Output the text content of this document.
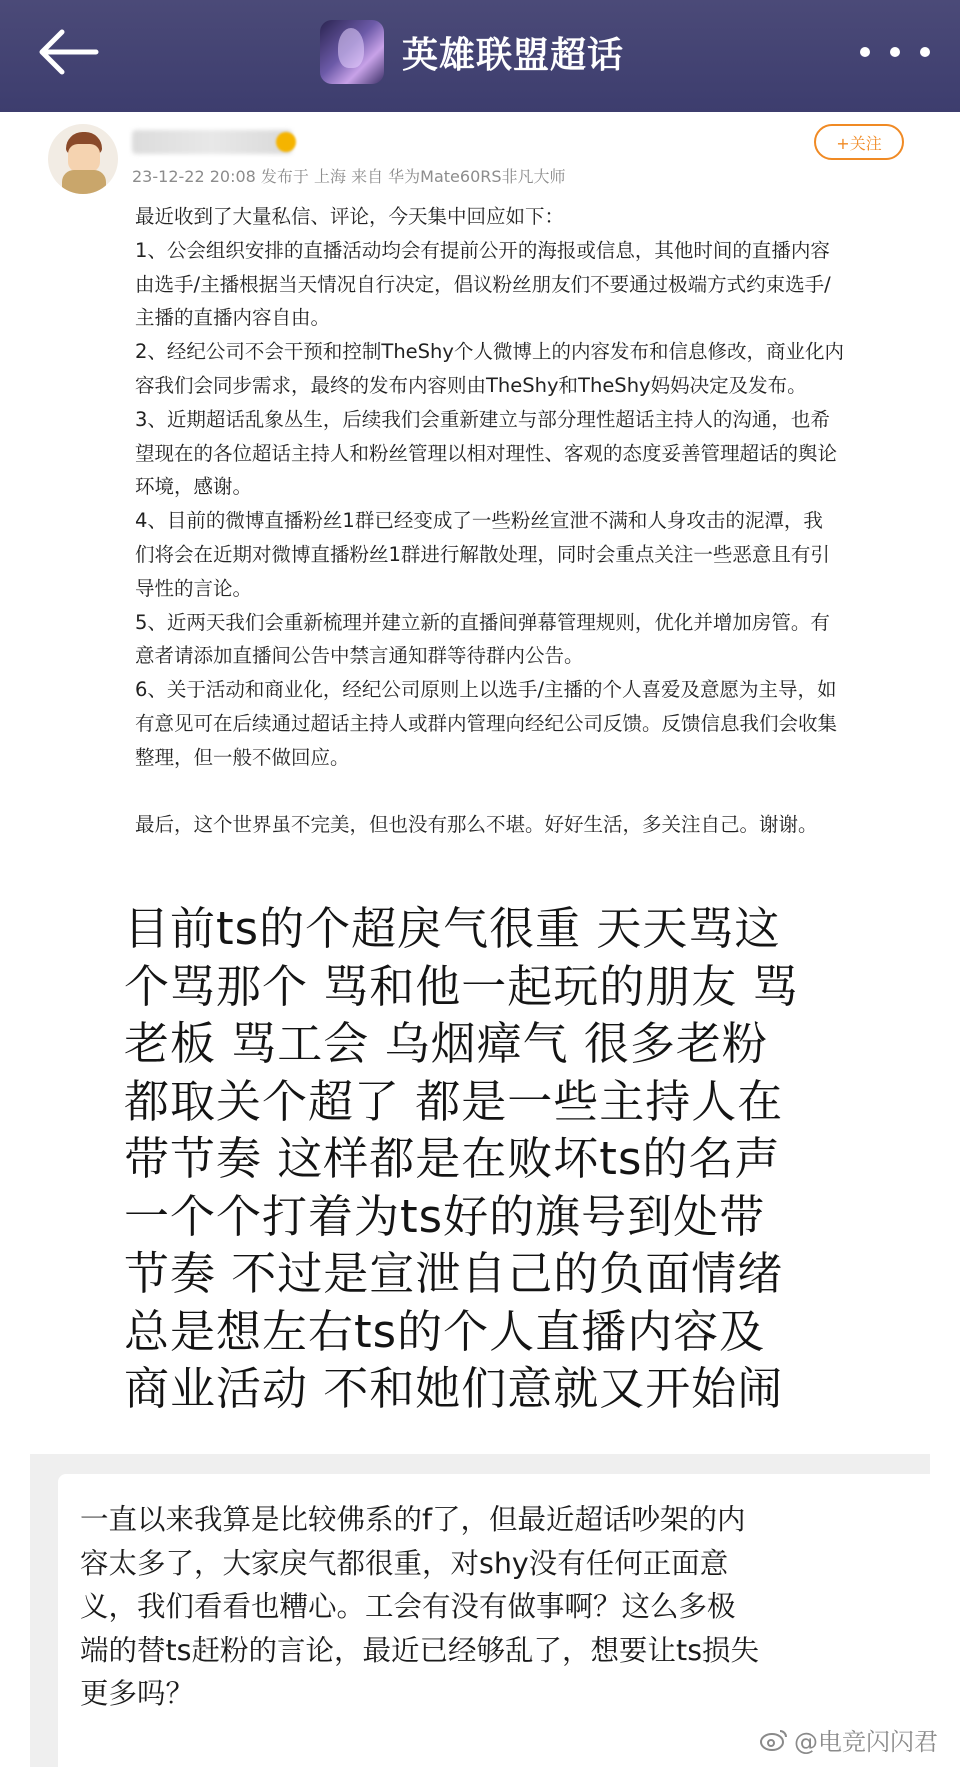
英雄联盟超话
23-12-22 20:08 发布于 上海 来自 华为Mate60RS非凡大师
+关注

最近收到了大量私信、评论，今天集中回应如下：

1、公会组织安排的直播活动均会有提前公开的海报或信息，其他时间的直播内容

由选手/主播根据当天情况自行决定，倡议粉丝朋友们不要通过极端方式约束选手/

主播的直播内容自由。

2、经纪公司不会干预和控制TheShy个人微博上的内容发布和信息修改，商业化内

容我们会同步需求，最终的发布内容则由TheShy和TheShy妈妈决定及发布。

3、近期超话乱象丛生，后续我们会重新建立与部分理性超话主持人的沟通，也希

望现在的各位超话主持人和粉丝管理以相对理性、客观的态度妥善管理超话的舆论

环境，感谢。

4、目前的微博直播粉丝1群已经变成了一些粉丝宣泄不满和人身攻击的泥潭，我

们将会在近期对微博直播粉丝1群进行解散处理，同时会重点关注一些恶意且有引

导性的言论。

5、近两天我们会重新梳理并建立新的直播间弹幕管理规则，优化并增加房管。有

意者请添加直播间公告中禁言通知群等待群内公告。

6、关于活动和商业化，经纪公司原则上以选手/主播的个人喜爱及意愿为主导，如

有意见可在后续通过超话主持人或群内管理向经纪公司反馈。反馈信息我们会收集

整理，但一般不做回应。

最后，这个世界虽不完美，但也没有那么不堪。好好生活，多关注自己。谢谢。

目前ts的个超戾气很重 天天骂这
个骂那个 骂和他一起玩的朋友 骂
老板 骂工会 乌烟瘴气 很多老粉
都取关个超了 都是一些主持人在
带节奏 这样都是在败坏ts的名声
一个个打着为ts好的旗号到处带
节奏 不过是宣泄自己的负面情绪
总是想左右ts的个人直播内容及
商业活动 不和她们意就又开始闹

一直以来我算是比较佛系的f了，但最近超话吵架的内

容太多了，大家戾气都很重，对shy没有任何正面意

义，我们看看也糟心。工会有没有做事啊？这么多极

端的替ts赶粉的言论，最近已经够乱了，想要让ts损失

更多吗？

@电竞闪闪君
